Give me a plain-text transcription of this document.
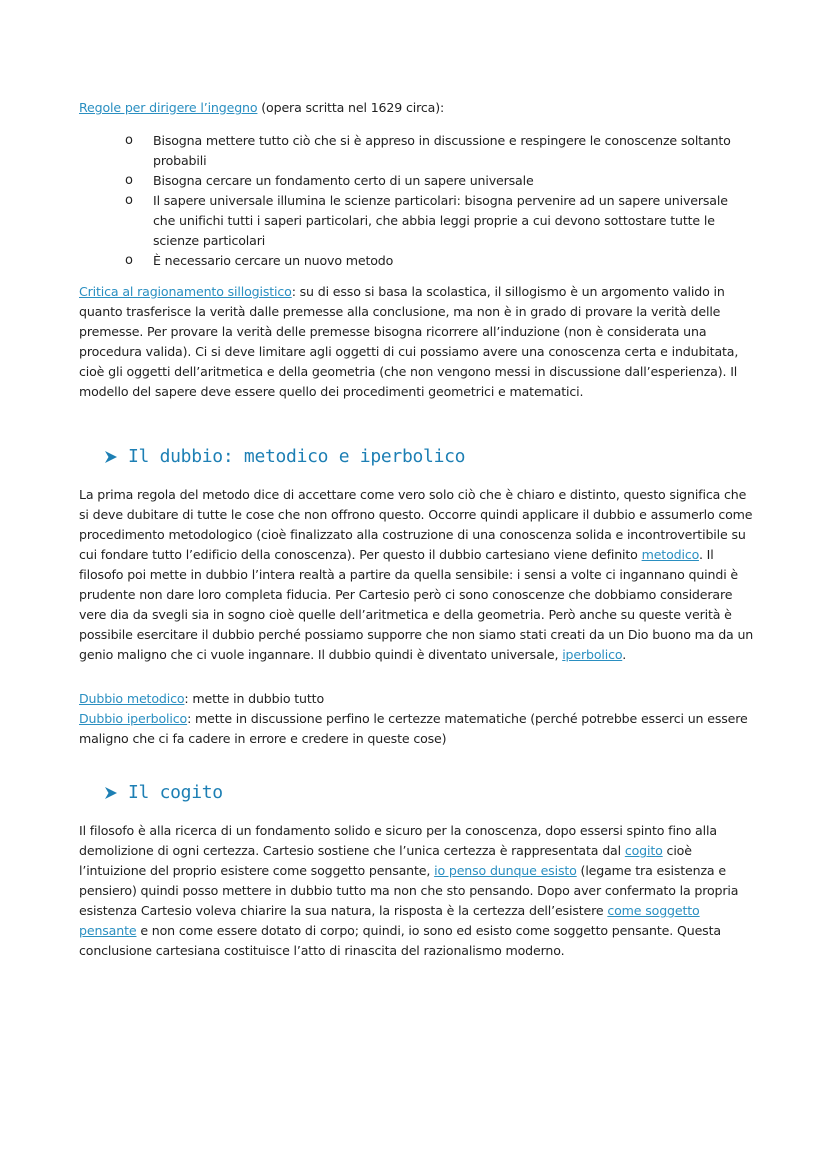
Regole per dirigere l’ingegno (opera scritta nel 1629 circa):

o Bisogna mettere tutto ciò che si è appreso in discussione e respingere le conoscenze soltanto probabili
o Bisogna cercare un fondamento certo di un sapere universale
o Il sapere universale illumina le scienze particolari: bisogna pervenire ad un sapere universale che unifichi tutti i saperi particolari, che abbia leggi proprie a cui devono sottostare tutte le scienze particolari
o È necessario cercare un nuovo metodo

Critica al ragionamento sillogistico: su di esso si basa la scolastica, il sillogismo è un argomento valido in quanto trasferisce la verità dalle premesse alla conclusione, ma non è in grado di provare la verità delle premesse. Per provare la verità delle premesse bisogna ricorrere all’induzione (non è considerata una procedura valida). Ci si deve limitare agli oggetti di cui possiamo avere una conoscenza certa e indubitata, cioè gli oggetti dell’aritmetica e della geometria (che non vengono messi in discussione dall’esperienza). Il modello del sapere deve essere quello dei procedimenti geometrici e matematici.

Il dubbio: metodico e iperbolico

La prima regola del metodo dice di accettare come vero solo ciò che è chiaro e distinto, questo significa che si deve dubitare di tutte le cose che non offrono questo. Occorre quindi applicare il dubbio e assumerlo come procedimento metodologico (cioè finalizzato alla costruzione di una conoscenza solida e incontrovertibile su cui fondare tutto l’edificio della conoscenza). Per questo il dubbio cartesiano viene definito metodico. Il filosofo poi mette in dubbio l’intera realtà a partire da quella sensibile: i sensi a volte ci ingannano quindi è prudente non dare loro completa fiducia. Per Cartesio però ci sono conoscenze che dobbiamo considerare vere dia da svegli sia in sogno cioè quelle dell’aritmetica e della geometria. Però anche su queste verità è possibile esercitare il dubbio perché possiamo supporre che non siamo stati creati da un Dio buono ma da un genio maligno che ci vuole ingannare. Il dubbio quindi è diventato universale, iperbolico.

Dubbio metodico: mette in dubbio tutto
Dubbio iperbolico: mette in discussione perfino le certezze matematiche (perché potrebbe esserci un essere maligno che ci fa cadere in errore e credere in queste cose)

Il cogito

Il filosofo è alla ricerca di un fondamento solido e sicuro per la conoscenza, dopo essersi spinto fino alla demolizione di ogni certezza. Cartesio sostiene che l’unica certezza è rappresentata dal cogito cioè l’intuizione del proprio esistere come soggetto pensante, io penso dunque esisto (legame tra esistenza e pensiero) quindi posso mettere in dubbio tutto ma non che sto pensando. Dopo aver confermato la propria esistenza Cartesio voleva chiarire la sua natura, la risposta è la certezza dell’esistere come soggetto pensante e non come essere dotato di corpo; quindi, io sono ed esisto come soggetto pensante. Questa conclusione cartesiana costituisce l’atto di rinascita del razionalismo moderno.
